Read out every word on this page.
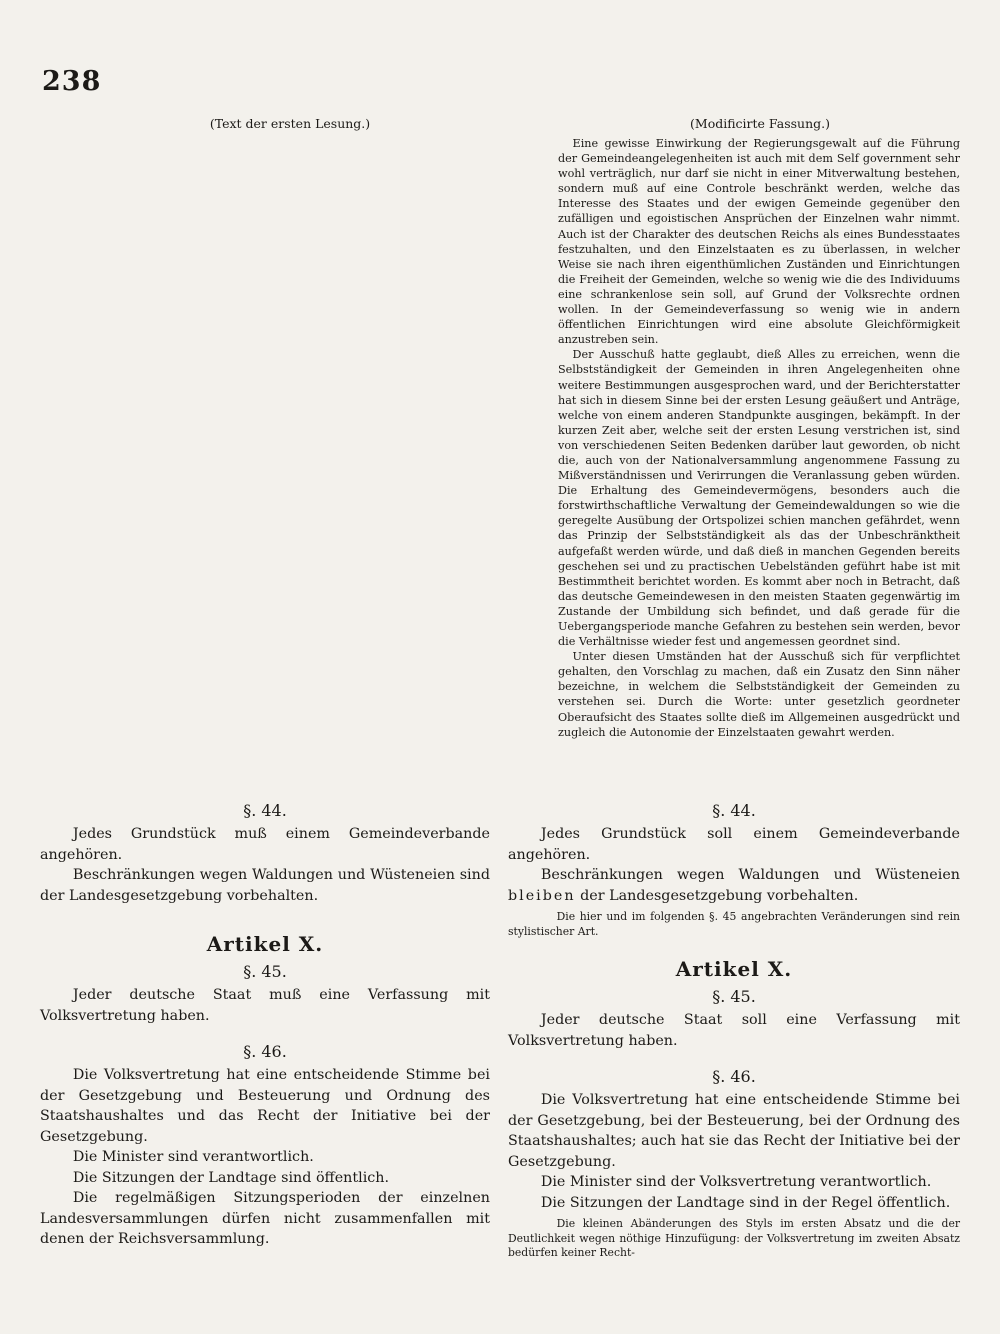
238
(Text der ersten Lesung.)	(Modificirte Fassung.)

Eine gewisse Einwirkung der Regierungsgewalt auf die Führung der Gemeindeangelegenheiten ist auch mit dem Self government sehr wohl verträglich, nur darf sie nicht in einer Mitverwaltung bestehen, sondern muß auf eine Controle beschränkt werden, welche das Interesse des Staates und der ewigen Gemeinde gegenüber den zufälligen und egoistischen Ansprüchen der Einzelnen wahr nimmt. Auch ist der Charakter des deutschen Reichs als eines Bundesstaates festzuhalten, und den Einzelstaaten es zu überlassen, in welcher Weise sie nach ihren eigenthümlichen Zuständen und Einrichtungen die Freiheit der Gemeinden, welche so wenig wie die des Individuums eine schrankenlose sein soll, auf Grund der Volksrechte ordnen wollen. In der Gemeindeverfassung so wenig wie in andern öffentlichen Einrichtungen wird eine absolute Gleichförmigkeit anzustreben sein.

Der Ausschuß hatte geglaubt, dieß Alles zu erreichen, wenn die Selbstständigkeit der Gemeinden in ihren Angelegenheiten ohne weitere Bestimmungen ausgesprochen ward, und der Berichterstatter hat sich in diesem Sinne bei der ersten Lesung geäußert und Anträge, welche von einem anderen Standpunkte ausgingen, bekämpft. In der kurzen Zeit aber, welche seit der ersten Lesung verstrichen ist, sind von verschiedenen Seiten Bedenken darüber laut geworden, ob nicht die, auch von der Nationalversammlung angenommene Fassung zu Mißverständnissen und Verirrungen die Veranlassung geben würden. Die Erhaltung des Gemeindevermögens, besonders auch die forstwirthschaftliche Verwaltung der Gemeindewaldungen so wie die geregelte Ausübung der Ortspolizei schien manchen gefährdet, wenn das Prinzip der Selbstständigkeit als das der Unbeschränktheit aufgefaßt werden würde, und daß dieß in manchen Gegenden bereits geschehen sei und zu practischen Uebelständen geführt habe ist mit Bestimmtheit berichtet worden. Es kommt aber noch in Betracht, daß das deutsche Gemeindewesen in den meisten Staaten gegenwärtig im Zustande der Umbildung sich befindet, und daß gerade für die Uebergangsperiode manche Gefahren zu bestehen sein werden, bevor die Verhältnisse wieder fest und angemessen geordnet sind.

Unter diesen Umständen hat der Ausschuß sich für verpflichtet gehalten, den Vorschlag zu machen, daß ein Zusatz den Sinn näher bezeichne, in welchem die Selbstständigkeit der Gemeinden zu verstehen sei. Durch die Worte: unter gesetzlich geordneter Oberaufsicht des Staates sollte dieß im Allgemeinen ausgedrückt und zugleich die Autonomie der Einzelstaaten gewahrt werden.

§. 44.

Jedes Grundstück muß einem Gemeindeverbande angehören.

Beschränkungen wegen Waldungen und Wüsteneien sind der Landesgesetzgebung vorbehalten.

Artikel X.
§. 45.

Jeder deutsche Staat muß eine Verfassung mit Volksvertretung haben.

§. 46.

Die Volksvertretung hat eine entscheidende Stimme bei der Gesetzgebung und Besteuerung und Ordnung des Staatshaushaltes und das Recht der Initiative bei der Gesetzgebung.

Die Minister sind verantwortlich.

Die Sitzungen der Landtage sind öffentlich.

Die regelmäßigen Sitzungsperioden der einzelnen Landesversammlungen dürfen nicht zusammenfallen mit denen der Reichsversammlung.

§. 44.

Jedes Grundstück soll einem Gemeindeverbande angehören.

Beschränkungen wegen Waldungen und Wüsteneien bleiben der Landesgesetzgebung vorbehalten.

Die hier und im folgenden §. 45 angebrachten Veränderungen sind rein stylistischer Art.

Artikel X.
§. 45.

Jeder deutsche Staat soll eine Verfassung mit Volksvertretung haben.

§. 46.

Die Volksvertretung hat eine entscheidende Stimme bei der Gesetzgebung, bei der Besteuerung, bei der Ordnung des Staatshaushaltes; auch hat sie das Recht der Initiative bei der Gesetzgebung.

Die Minister sind der Volksvertretung verantwortlich.

Die Sitzungen der Landtage sind in der Regel öffentlich.

Die kleinen Abänderungen des Styls im ersten Absatz und die der Deutlichkeit wegen nöthige Hinzufügung: der Volksvertretung im zweiten Absatz bedürfen keiner Recht-
